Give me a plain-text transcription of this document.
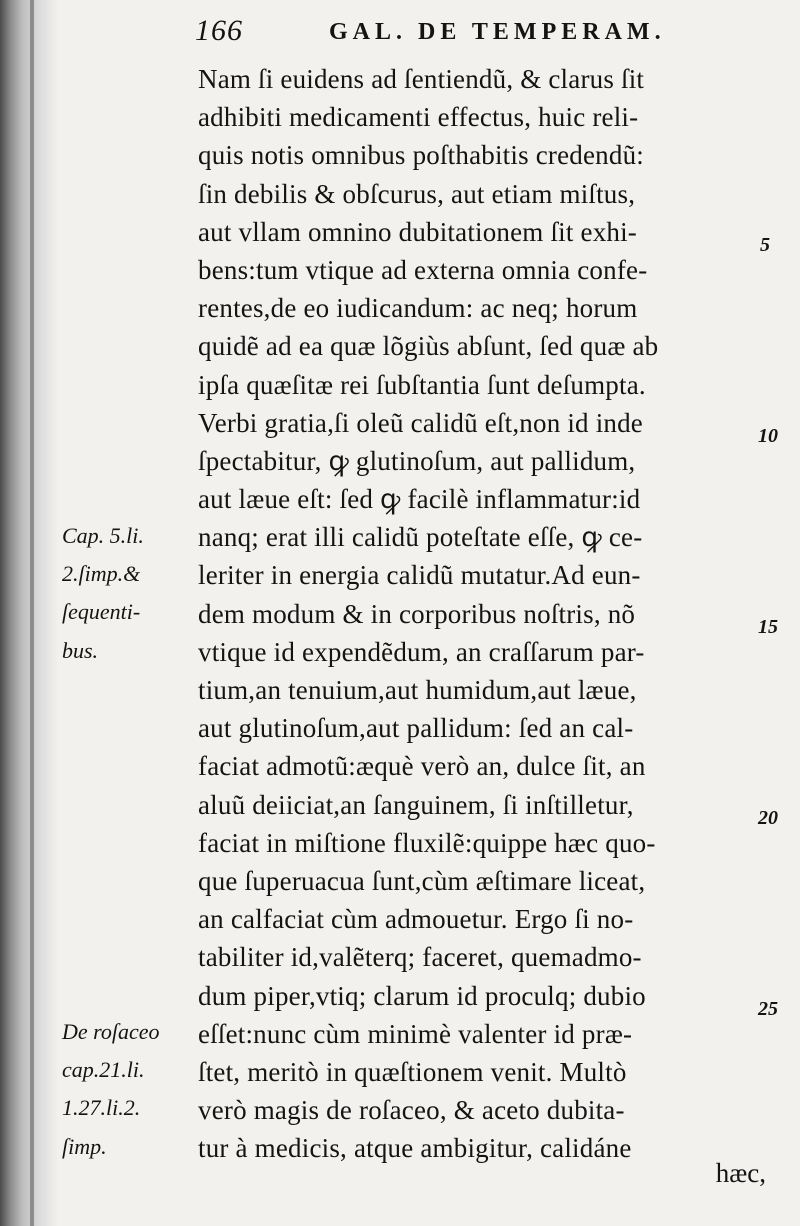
166	GAL. DE TEMPERAM.
Nam ſi euidens ad ſentiendũ, & clarus ſit
adhibiti medicamenti effectus, huic reli-
quis notis omnibus poſthabitis credendũ:
ſin debilis & obſcurus, aut etiam miſtus,
aut vllam omnino dubitationem ſit exhi-
bens:tum vtique ad externa omnia confe-
rentes,de eo iudicandum: ac neq; horum
quidẽ ad ea quæ lõgiùs abſunt, ſed quæ ab
ipſa quæſitæ rei ſubſtantia ſunt deſumpta.
Verbi gratia,ſi oleũ calidũ eſt,non id inde
ſpectabitur, ꝙ glutinoſum, aut pallidum,
aut læue eſt: ſed ꝙ facilè inflammatur:id
nanq; erat illi calidũ poteſtate eſſe, ꝙ ce-
leriter in energia calidũ mutatur.Ad eun-
dem modum & in corporibus noſtris, nõ
vtique id expendẽdum, an craſſarum par-
tium,an tenuium,aut humidum,aut læue,
aut glutinoſum,aut pallidum: ſed an cal-
faciat admotũ:æquè verò an, dulce ſit, an
aluũ deiiciat,an ſanguinem, ſi inſtilletur,
faciat in miſtione fluxilẽ:quippe hæc quo-
que ſuperuacua ſunt,cùm æſtimare liceat,
an calfaciat cùm admouetur. Ergo ſi no-
tabiliter id,valẽterq; faceret, quemadmo-
dum piper,vtiq; clarum id proculq; dubio
eſſet:nunc cùm minimè valenter id præ-
ſtet, meritò in quæſtionem venit. Multò
verò magis de roſaceo, & aceto dubita-
tur à medicis, atque ambigitur, calidáne
5
10
15
20
25
Cap. 5.li.
2.ſimp.&
ſequenti-
bus.
De roſaceo
cap.21.li.
1.27.li.2.
ſimp.
hæc,
